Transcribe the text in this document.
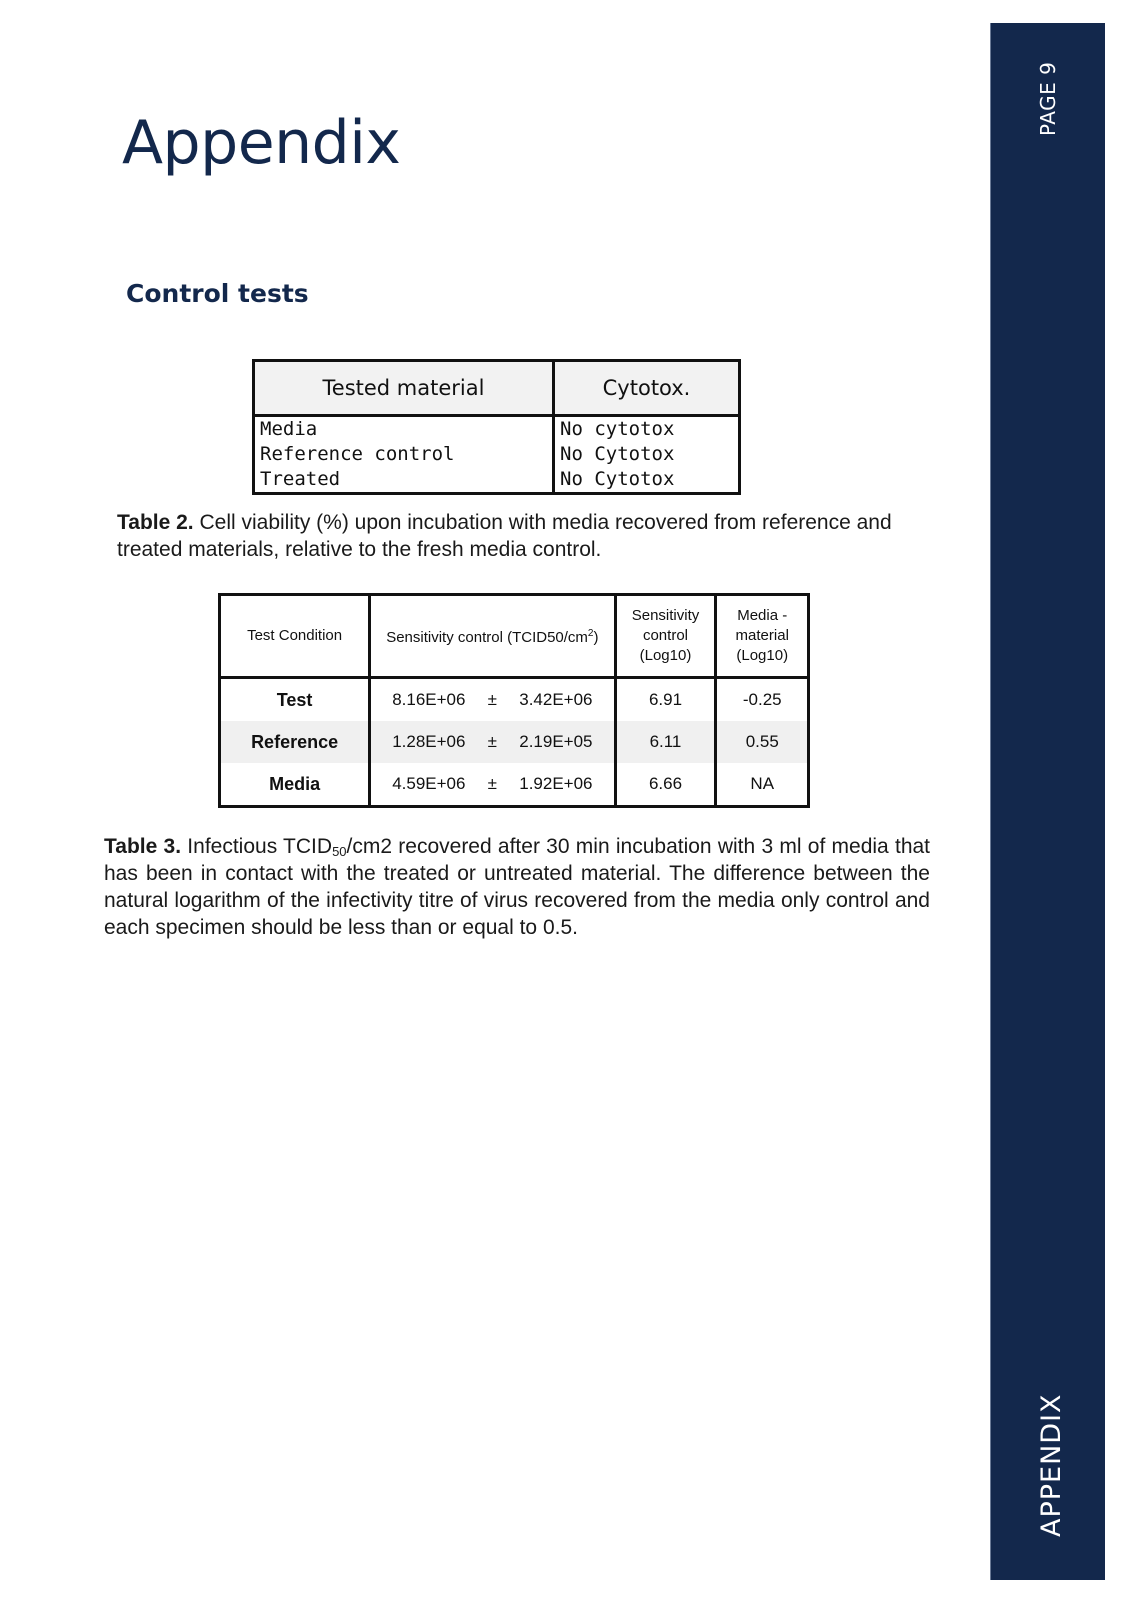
PAGE 9
APPENDIX
Appendix
Control tests
Tested material	Cytotox.
Media	No cytotox
Reference control	No Cytotox
Treated	No Cytotox

Table 2. Cell viability (%) upon incubation with media recovered from reference and treated materials, relative to the fresh media control.

Test Condition	Sensitivity control $(TCID50/cm^2)$	Sensitivity control (Log10)	Media - material (Log10)
Test	8.16E+06 ± 3.42E+06	6.91	-0.25
Reference	1.28E+06 ± 2.19E+05	6.11	0.55
Media	4.59E+06 ± 1.92E+06	6.66	NA

Table 3. Infectious $TCID_{50}/cm2$ recovered after 30 min incubation with 3 ml of media that has been in contact with the treated or untreated material. The difference between the natural logarithm of the infectivity titre of virus recovered from the media only control and each specimen should be less than or equal to 0.5.
